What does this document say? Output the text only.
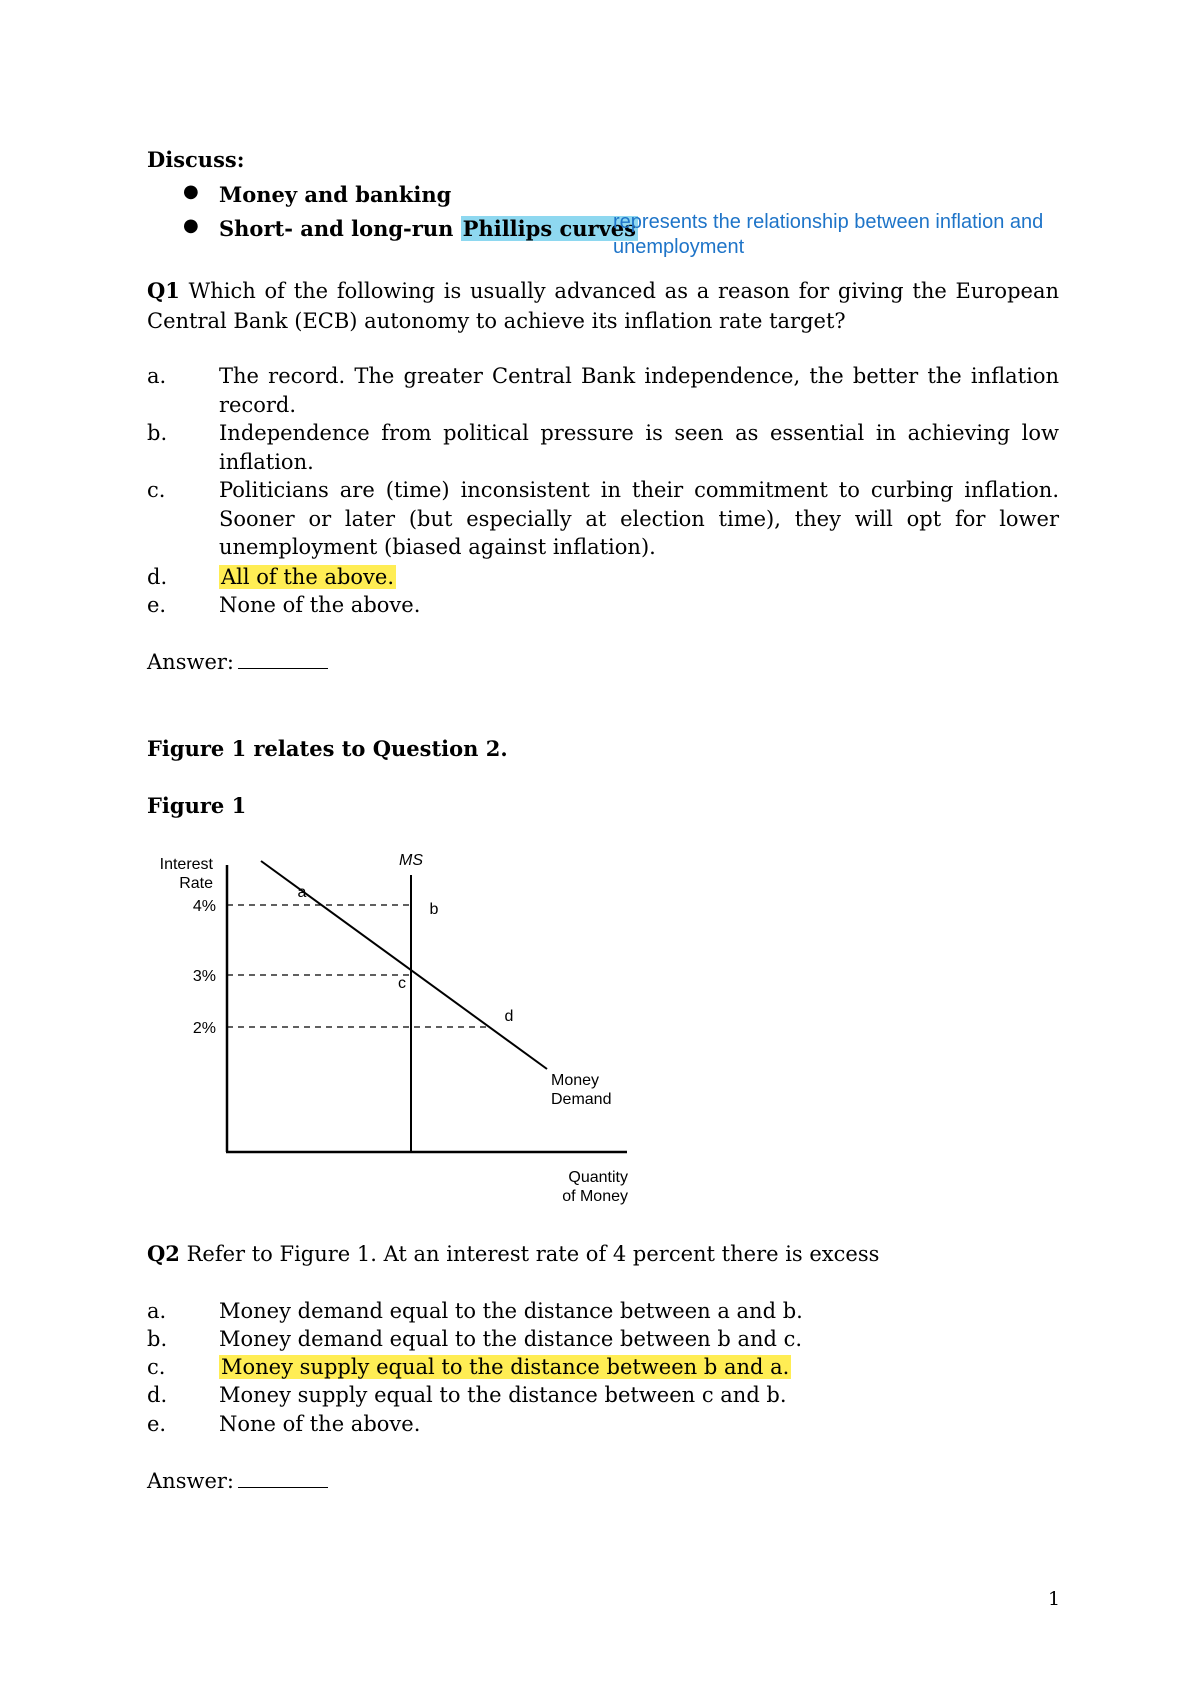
Discuss:
● Money and banking
● Short- and long-run Phillips curves
represents the relationship between inflation and unemployment
Q1 Which of the following is usually advanced as a reason for giving the European Central Bank (ECB) autonomy to achieve its inflation rate target?
a.	The record. The greater Central Bank independence, the better the inflation record.
b. Independence from political pressure is seen as essential in achieving low inflation.
c.	Politicians are (time) inconsistent in their commitment to curbing inflation. Sooner or later (but especially at election time), they will opt for lower unemployment (biased against inflation).
d.	All of the above.
e.	None of the above.
Answer:
Figure 1 relates to Question 2.
Figure 1
Interest
Rate
Quantity
of Money
4%
3%
2%
MS
Money
Demand
a
b
c
d
Q2 Refer to Figure 1. At an interest rate of 4 percent there is excess
a.	Money demand equal to the distance between a and b.
b. Money demand equal to the distance between b and c.
c.	Money supply equal to the distance between b and a.
d. Money supply equal to the distance between c and b.
e.	None of the above.
Answer:
1
